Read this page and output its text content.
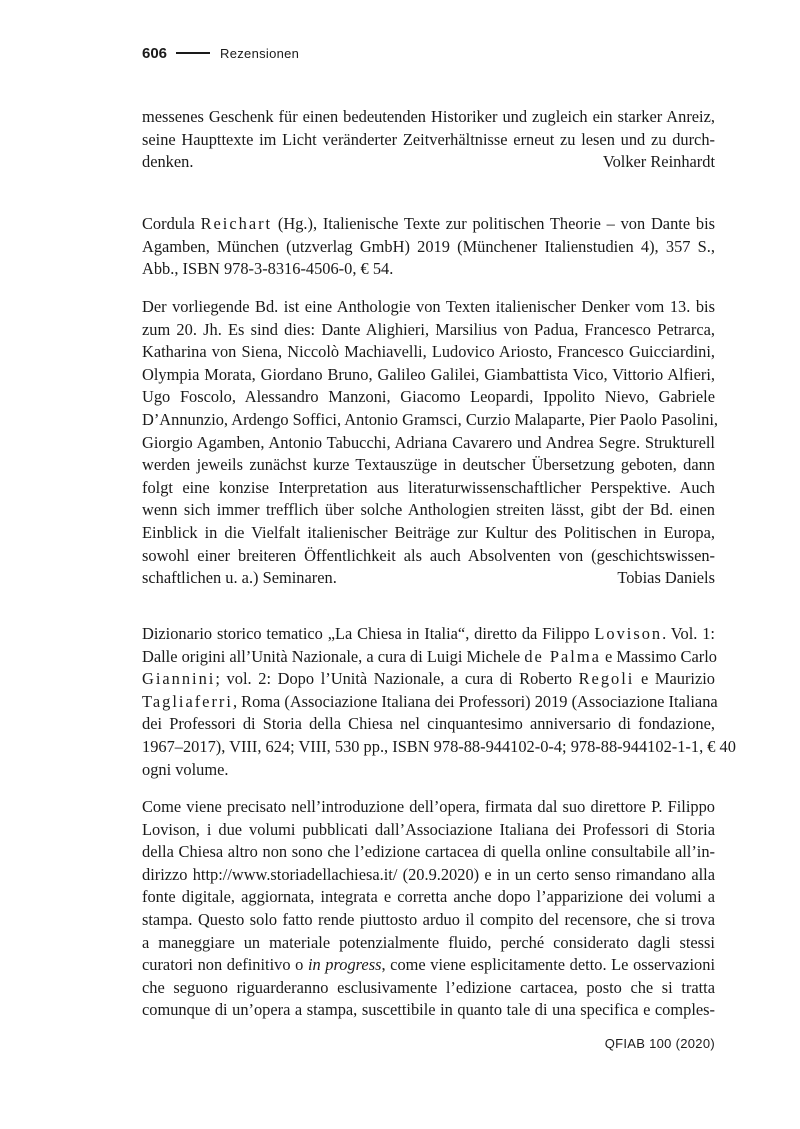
606	Rezensionen
messenes Geschenk für einen bedeutenden Historiker und zugleich ein starker Anreiz,
seine Haupttexte im Licht veränderter Zeitverhältnisse erneut zu lesen und zu durch-
denken.	Volker Reinhardt
Cordula Reichart (Hg.), Italienische Texte zur politischen Theorie – von Dante bis
Agamben, München (utzverlag GmbH) 2019 (Münchener Italienstudien 4), 357 S.,
Abb., ISBN 978-3-8316-4506-0, € 54.
Der vorliegende Bd. ist eine Anthologie von Texten italienischer Denker vom 13. bis
zum 20. Jh. Es sind dies: Dante Alighieri, Marsilius von Padua, Francesco Petrarca,
Katharina von Siena, Niccolò Machiavelli, Ludovico Ariosto, Francesco Guicciardini,
Olympia Morata, Giordano Bruno, Galileo Galilei, Giambattista Vico, Vittorio Alfieri,
Ugo Foscolo, Alessandro Manzoni, Giacomo Leopardi, Ippolito Nievo, Gabriele
D’Annunzio, Ardengo Soffici, Antonio Gramsci, Curzio Malaparte, Pier Paolo Pasolini,
Giorgio Agamben, Antonio Tabucchi, Adriana Cavarero und Andrea Segre. Strukturell
werden jeweils zunächst kurze Textauszüge in deutscher Übersetzung geboten, dann
folgt eine konzise Interpretation aus literaturwissenschaftlicher Perspektive. Auch
wenn sich immer trefflich über solche Anthologien streiten lässt, gibt der Bd. einen
Einblick in die Vielfalt italienischer Beiträge zur Kultur des Politischen in Europa,
sowohl einer breiteren Öffentlichkeit als auch Absolventen von (geschichtswissen-
schaftlichen u. a.) Seminaren.	Tobias Daniels
Dizionario storico tematico „La Chiesa in Italia“, diretto da Filippo Lovison. Vol. 1:
Dalle origini all’Unità Nazionale, a cura di Luigi Michele de Palma e Massimo Carlo
Giannini; vol. 2: Dopo l’Unità Nazionale, a cura di Roberto Regoli e Maurizio
Tagliaferri, Roma (Associazione Italiana dei Professori) 2019 (Associazione Italiana
dei Professori di Storia della Chiesa nel cinquantesimo anniversario di fondazione,
1967–2017), VIII, 624; VIII, 530 pp., ISBN 978-88-944102-0-4; 978-88-944102-1-1, € 40
ogni volume.
Come viene precisato nell’introduzione dell’opera, firmata dal suo direttore P. Filippo
Lovison, i due volumi pubblicati dall’Associazione Italiana dei Professori di Storia
della Chiesa altro non sono che l’edizione cartacea di quella online consultabile all’in-
dirizzo http://www.storiadellachiesa.it/ (20.9.2020) e in un certo senso rimandano alla
fonte digitale, aggiornata, integrata e corretta anche dopo l’apparizione dei volumi a
stampa. Questo solo fatto rende piuttosto arduo il compito del recensore, che si trova
a maneggiare un materiale potenzialmente fluido, perché considerato dagli stessi
curatori non definitivo o in progress, come viene esplicitamente detto. Le osservazioni
che seguono riguarderanno esclusivamente l’edizione cartacea, posto che si tratta
comunque di un’opera a stampa, suscettibile in quanto tale di una specifica e comples-
QFIAB 100 (2020)
